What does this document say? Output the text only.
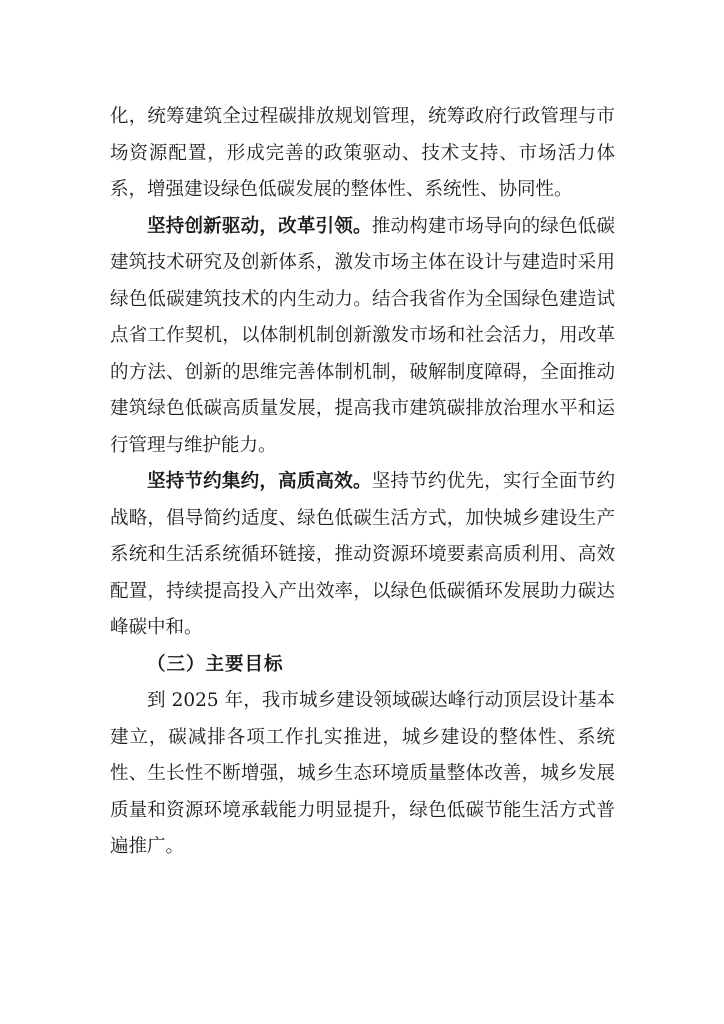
化，统筹建筑全过程碳排放规划管理，统筹政府行政管理与市场资源配置，形成完善的政策驱动、技术支持、市场活力体系，增强建设绿色低碳发展的整体性、系统性、协同性。

坚持创新驱动，改革引领。推动构建市场导向的绿色低碳建筑技术研究及创新体系，激发市场主体在设计与建造时采用绿色低碳建筑技术的内生动力。结合我省作为全国绿色建造试点省工作契机，以体制机制创新激发市场和社会活力，用改革的方法、创新的思维完善体制机制，破解制度障碍，全面推动建筑绿色低碳高质量发展，提高我市建筑碳排放治理水平和运行管理与维护能力。

坚持节约集约，高质高效。坚持节约优先，实行全面节约战略，倡导简约适度、绿色低碳生活方式，加快城乡建设生产系统和生活系统循环链接，推动资源环境要素高质利用、高效配置，持续提高投入产出效率，以绿色低碳循环发展助力碳达峰碳中和。

（三）主要目标

到 2025 年，我市城乡建设领域碳达峰行动顶层设计基本建立，碳减排各项工作扎实推进，城乡建设的整体性、系统性、生长性不断增强，城乡生态环境质量整体改善，城乡发展质量和资源环境承载能力明显提升，绿色低碳节能生活方式普遍推广。
